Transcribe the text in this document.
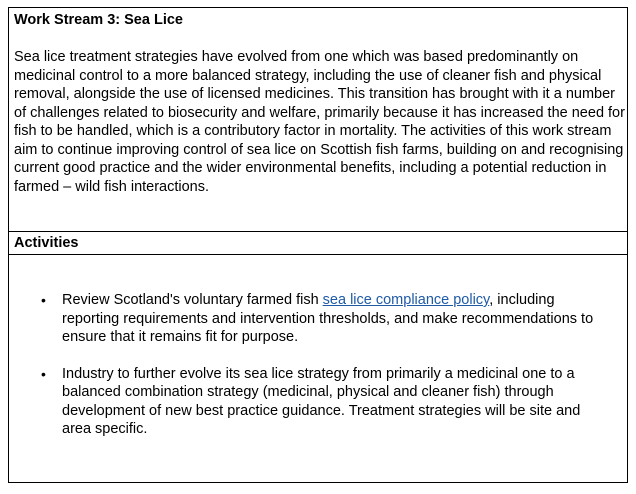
Work Stream 3: Sea Lice

Sea lice treatment strategies have evolved from one which was based predominantly on medicinal control to a more balanced strategy, including the use of cleaner fish and physical removal, alongside the use of licensed medicines. This transition has brought with it a number of challenges related to biosecurity and welfare, primarily because it has increased the need for fish to be handled, which is a contributory factor in mortality. The activities of this work stream aim to continue improving control of sea lice on Scottish fish farms, building on and recognising current good practice and the wider environmental benefits, including a potential reduction in farmed – wild fish interactions.

Activities
• Review Scotland's voluntary farmed fish sea lice compliance policy, including reporting requirements and intervention thresholds, and make recommendations to ensure that it remains fit for purpose.
• Industry to further evolve its sea lice strategy from primarily a medicinal one to a balanced combination strategy (medicinal, physical and cleaner fish) through development of new best practice guidance. Treatment strategies will be site and area specific.
